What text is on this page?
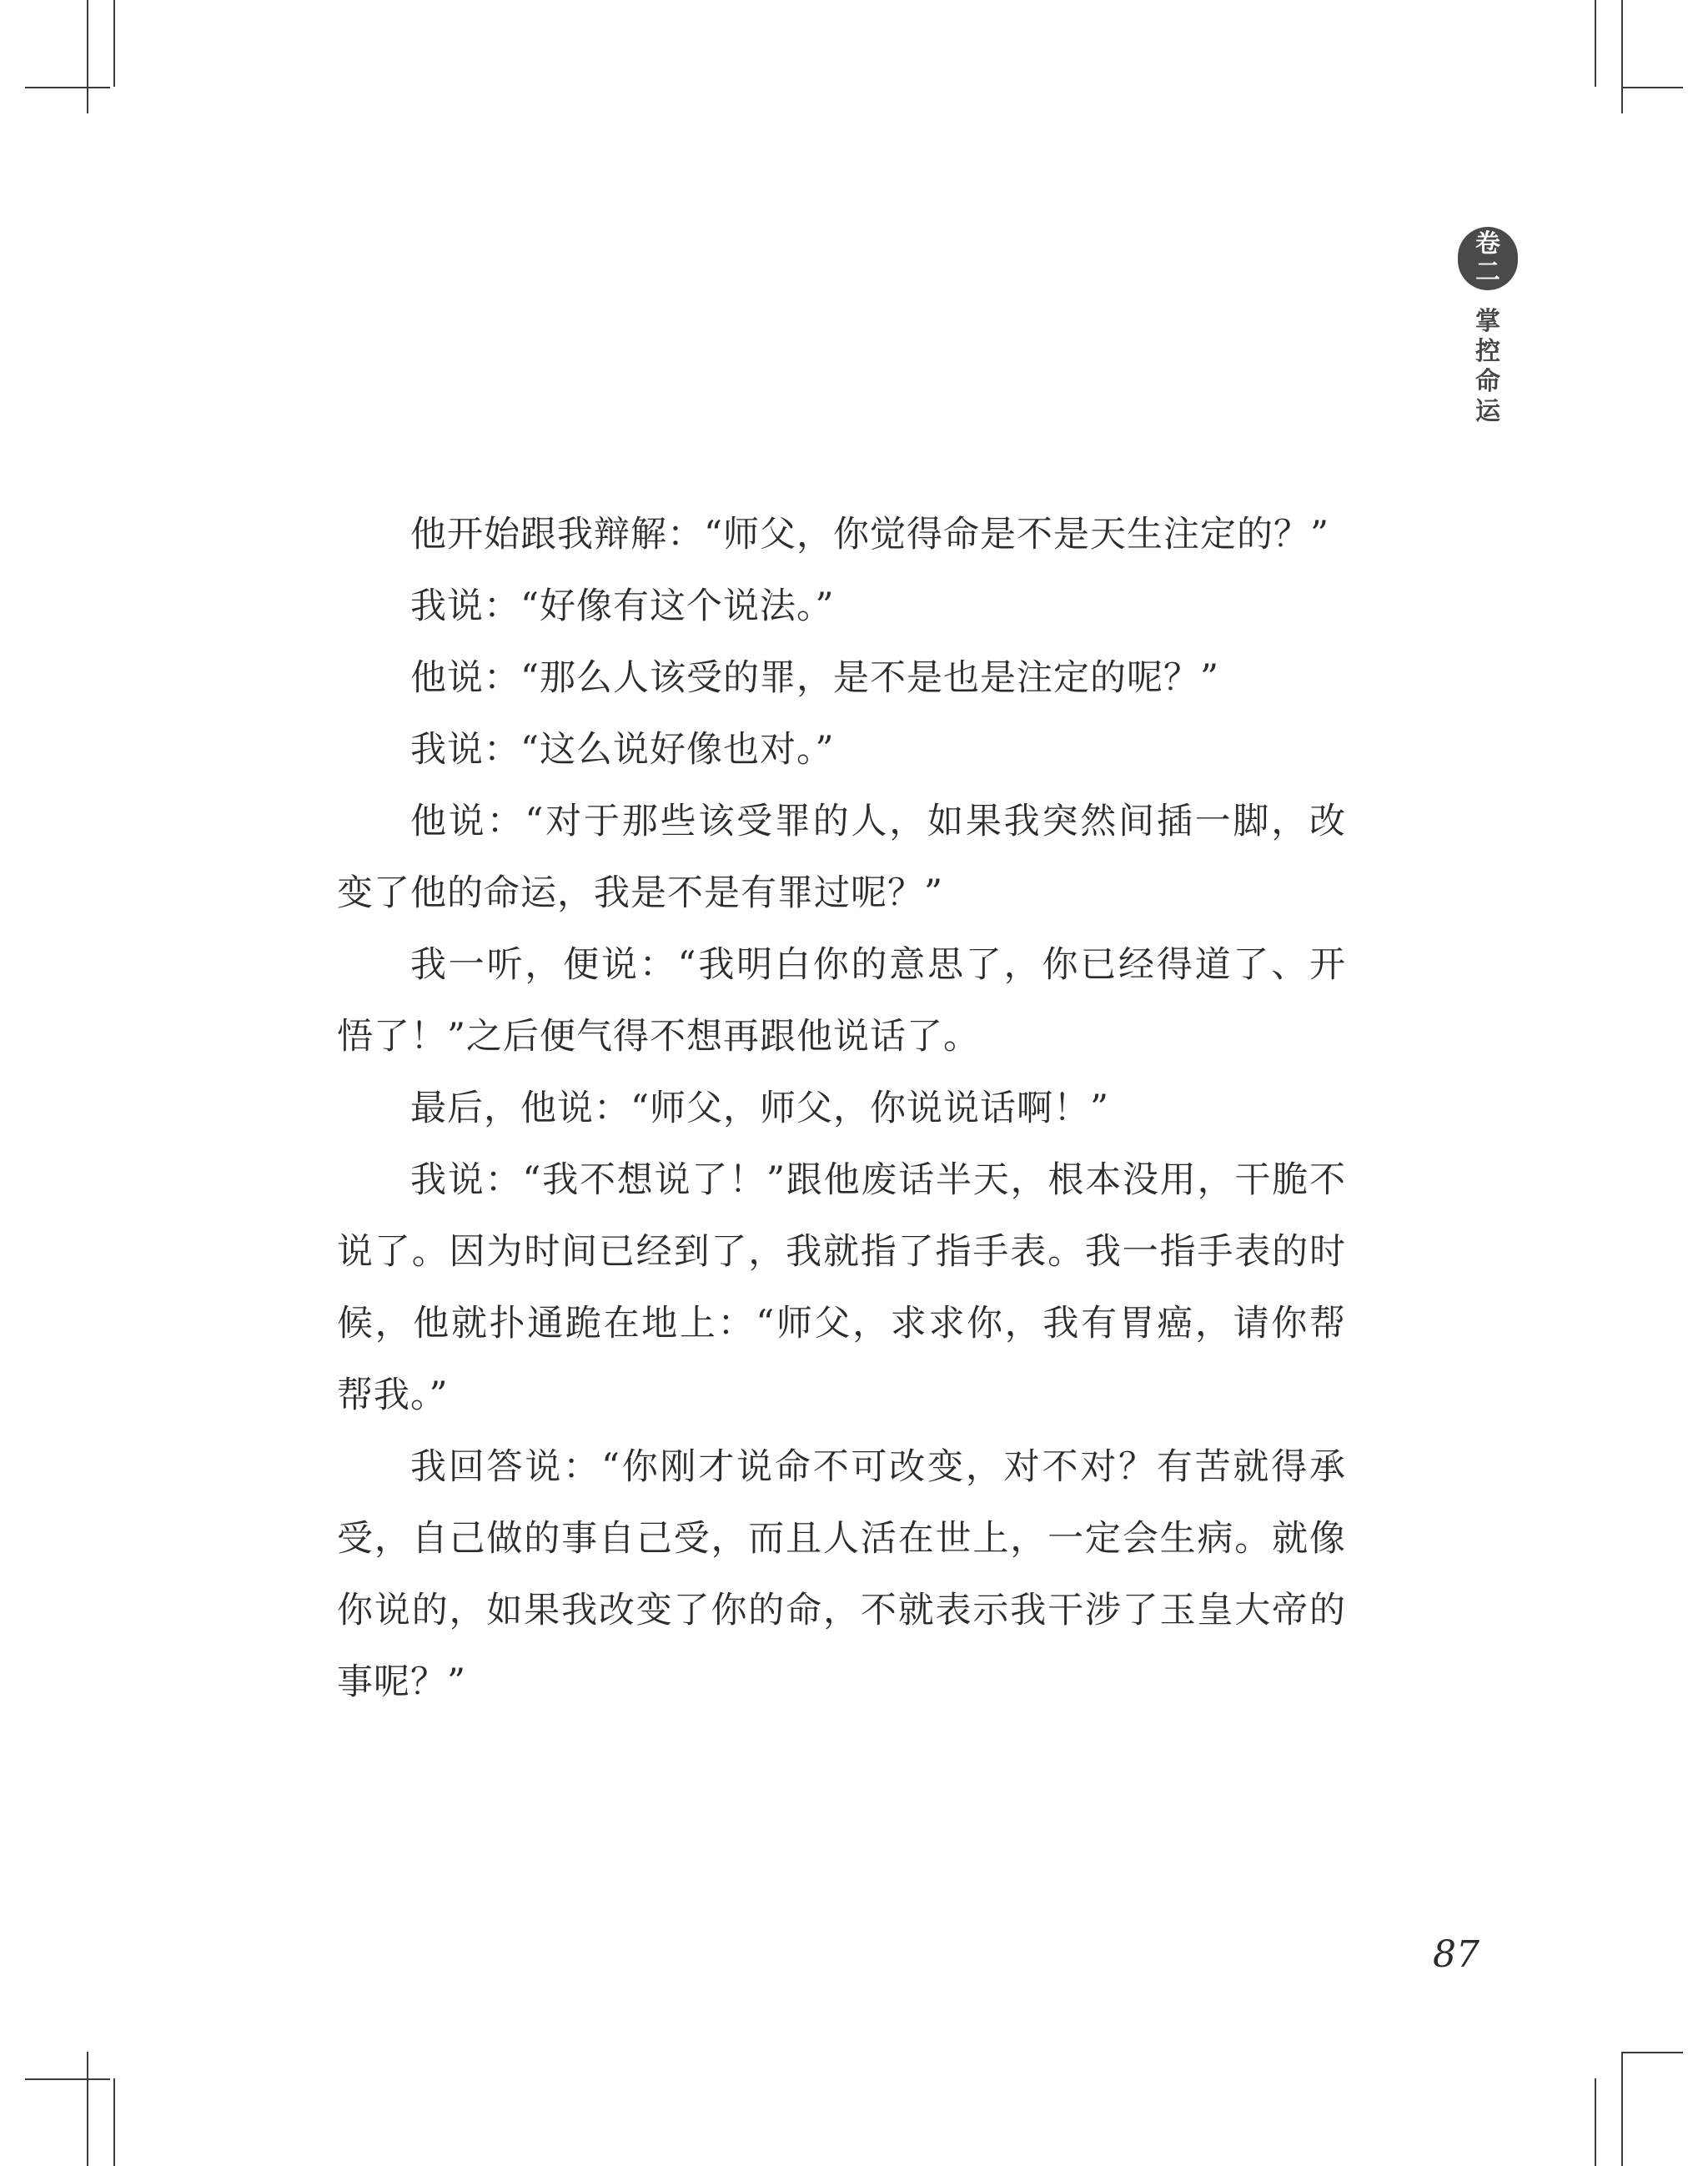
卷
二
掌
控
命
运

他开始跟我辩解：“师父，你觉得命是不是天生注定的？”

我说：“好像有这个说法。”

他说：“那么人该受的罪，是不是也是注定的呢？”

我说：“这么说好像也对。”

他说：“对于那些该受罪的人，如果我突然间插一脚，改变了他的命运，我是不是有罪过呢？”

我一听，便说：“我明白你的意思了，你已经得道了、开悟了！”之后便气得不想再跟他说话了。

最后，他说：“师父，师父，你说说话啊！”

我说：“我不想说了！”跟他废话半天，根本没用，干脆不说了。因为时间已经到了，我就指了指手表。我一指手表的时候，他就扑通跪在地上：“师父，求求你，我有胃癌，请你帮帮我。”

我回答说：“你刚才说命不可改变，对不对？有苦就得承受，自己做的事自己受，而且人活在世上，一定会生病。就像你说的，如果我改变了你的命，不就表示我干涉了玉皇大帝的事呢？”

87
